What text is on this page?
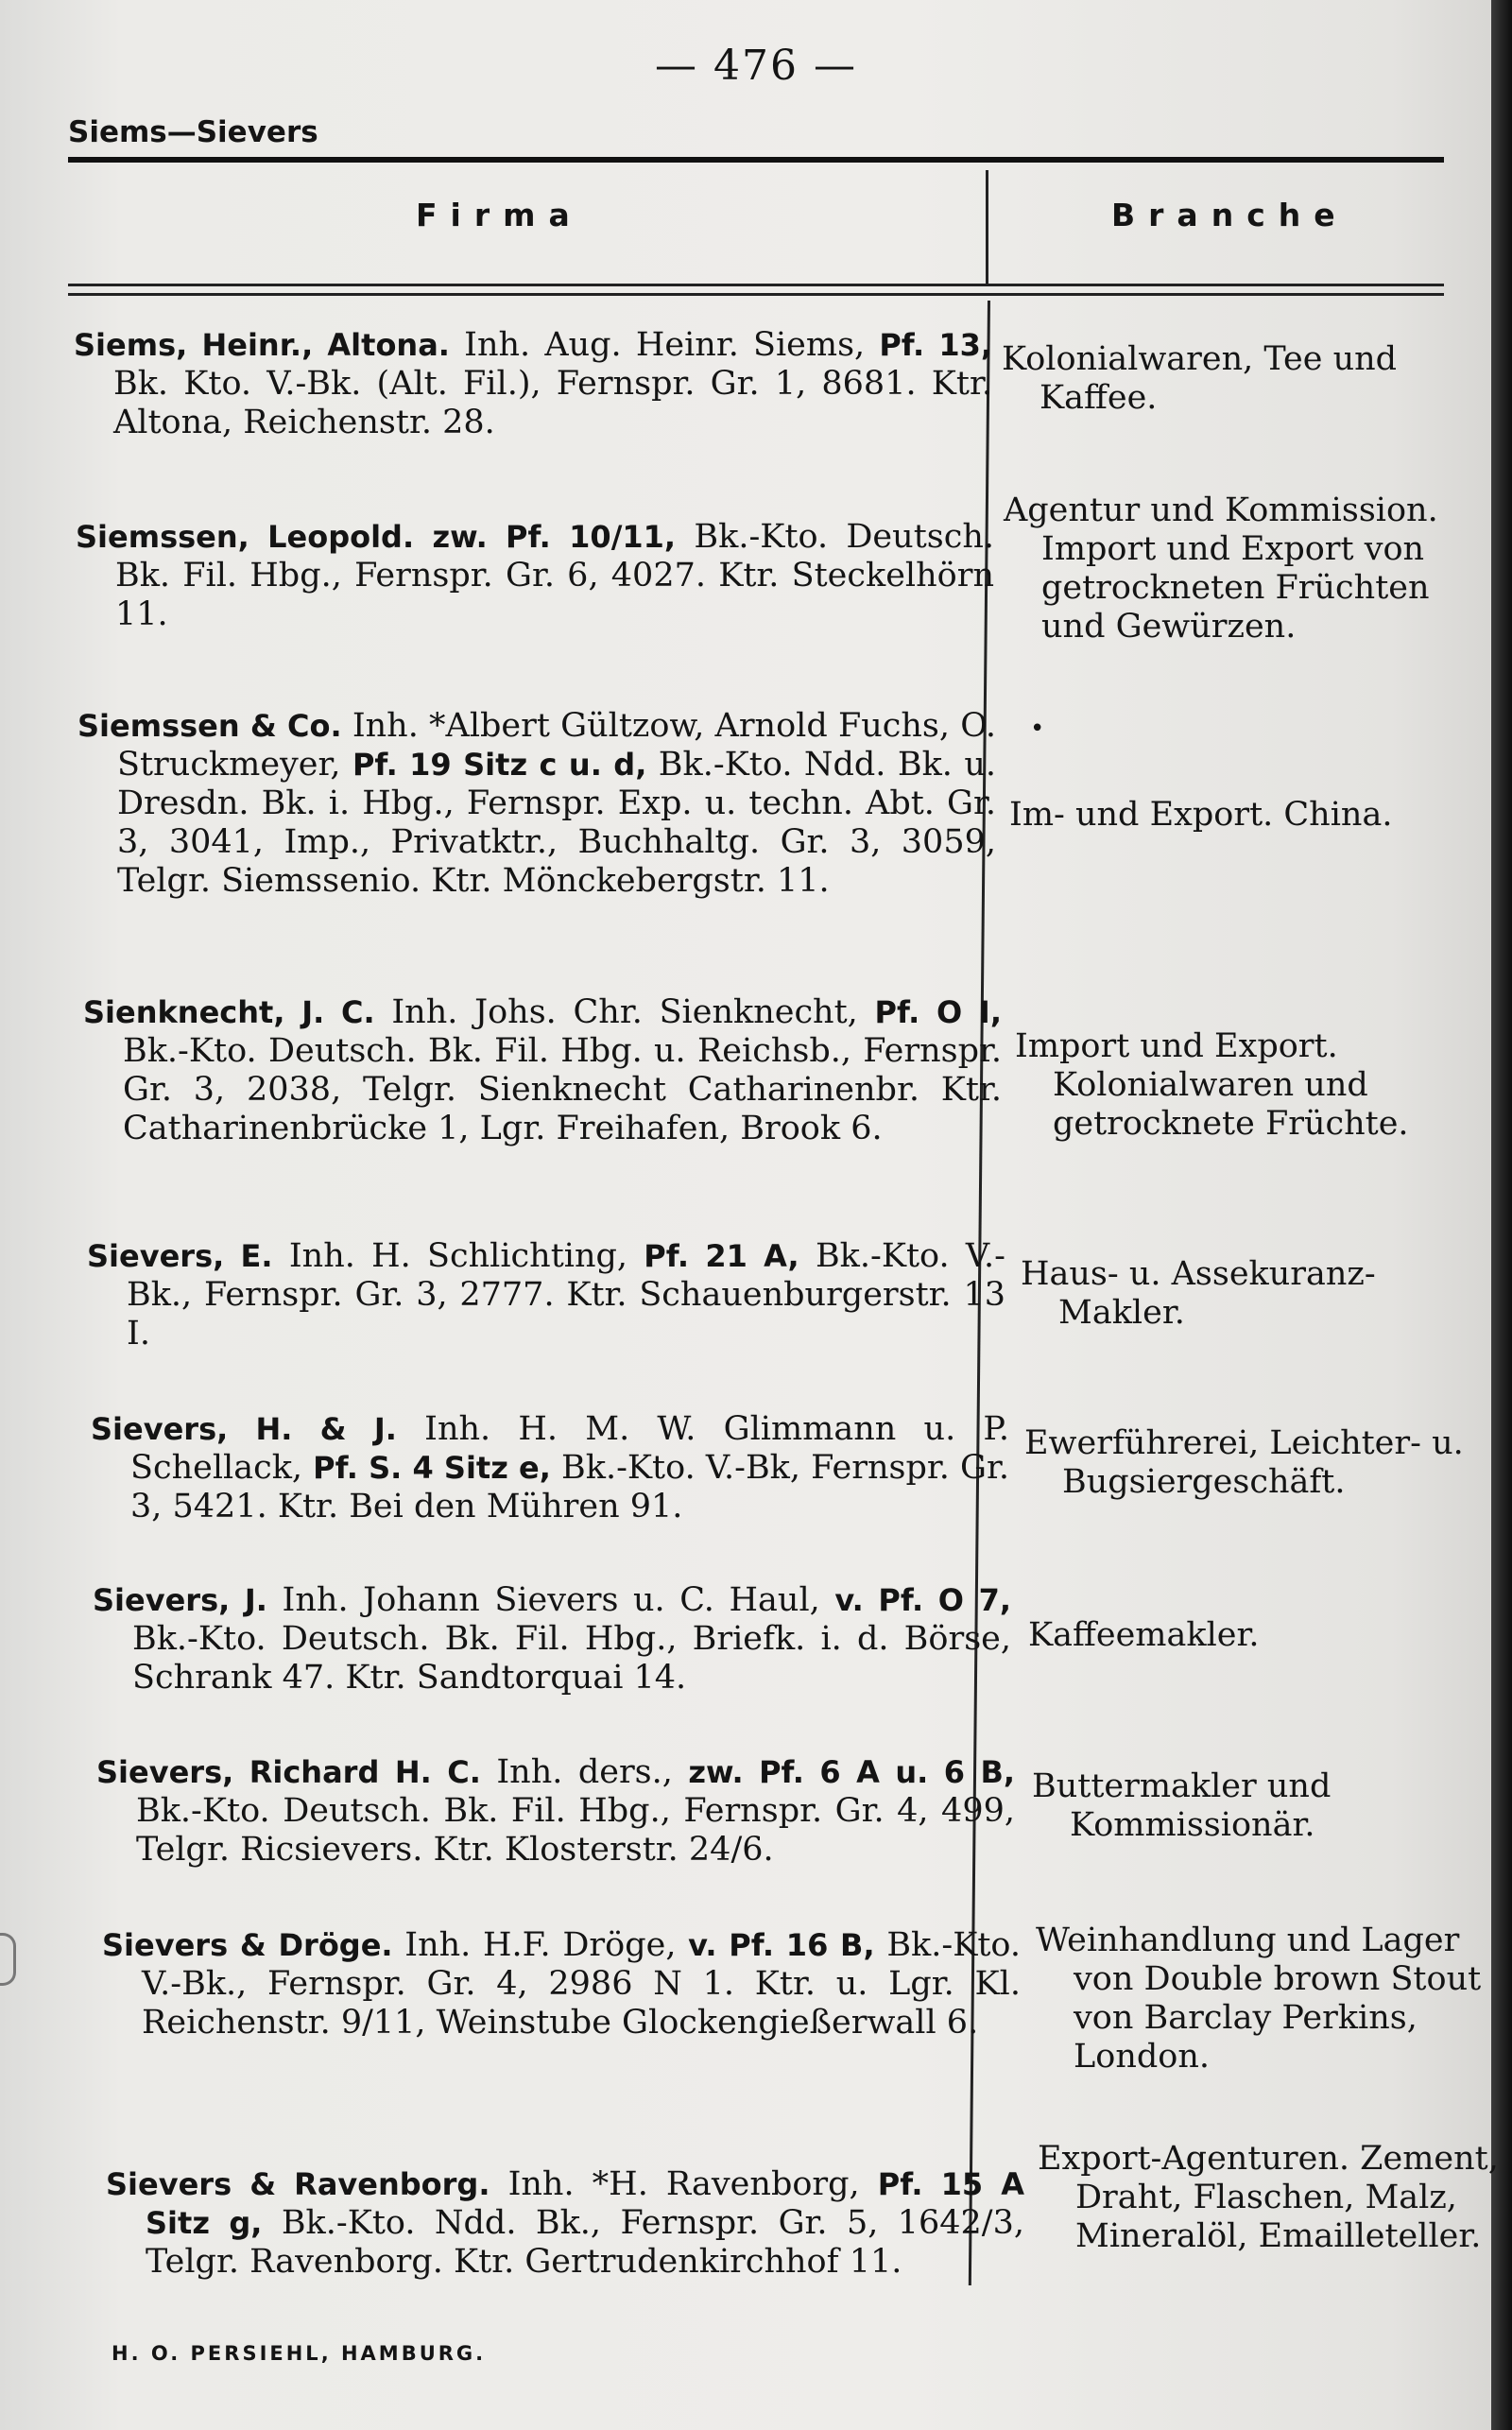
— 476 —
Siems—Sievers
Firma	Branche
Siems, Heinr., Altona. Inh. Aug. Heinr. Siems, Pf. 13, Bk. Kto. V.-Bk. (Alt. Fil.), Fernspr. Gr. 1, 8681. Ktr. Altona, Reichenstr. 28.
Kolonialwaren, Tee und Kaffee.
Siemssen, Leopold. zw. Pf. 10/11, Bk.-Kto. Deutsch. Bk. Fil. Hbg., Fernspr. Gr. 6, 4027. Ktr. Steckelhörn 11.
Agentur und Kommission. Import und Export von getrockneten Früchten und Gewürzen.
Siemssen & Co. Inh. *Albert Gültzow, Arnold Fuchs, O. Struckmeyer, Pf. 19 Sitz c u. d, Bk.-Kto. Ndd. Bk. u. Dresdn. Bk. i. Hbg., Fernspr. Exp. u. techn. Abt. Gr. 3, 3041, Imp., Privatktr., Buchhaltg. Gr. 3, 3059, Telgr. Siemssenio. Ktr. Mönckebergstr. 11.
Im- und Export. China.
•
Sienknecht, J. C. Inh. Johs. Chr. Sienknecht, Pf. O I, Bk.-Kto. Deutsch. Bk. Fil. Hbg. u. Reichsb., Fernspr. Gr. 3, 2038, Telgr. Sienknecht Catharinenbr. Ktr. Catharinenbrücke 1, Lgr. Freihafen, Brook 6.
Import und Export. Kolonialwaren und getrocknete Früchte.
Sievers, E. Inh. H. Schlichting, Pf. 21 A, Bk.-Kto. V.-Bk., Fernspr. Gr. 3, 2777. Ktr. Schauenburgerstr. 13 I.
Haus- u. Assekuranz-Makler.
Sievers, H. & J. Inh. H. M. W. Glimmann u. P. Schellack, Pf. S. 4 Sitz e, Bk.-Kto. V.-Bk, Fernspr. Gr. 3, 5421. Ktr. Bei den Mühren 91.
Ewerführerei, Leichter- u. Bugsiergeschäft.
Sievers, J. Inh. Johann Sievers u. C. Haul, v. Pf. O 7, Bk.-Kto. Deutsch. Bk. Fil. Hbg., Briefk. i. d. Börse, Schrank 47. Ktr. Sandtorquai 14.
Kaffeemakler.
Sievers, Richard H. C. Inh. ders., zw. Pf. 6 A u. 6 B, Bk.-Kto. Deutsch. Bk. Fil. Hbg., Fernspr. Gr. 4, 499, Telgr. Ricsievers. Ktr. Klosterstr. 24/6.
Buttermakler und Kommissionär.
Sievers & Dröge. Inh. H.F. Dröge, v. Pf. 16 B, Bk.-Kto. V.-Bk., Fernspr. Gr. 4, 2986 N 1. Ktr. u. Lgr. Kl. Reichenstr. 9/11, Weinstube Glockengießerwall 6.
Weinhandlung und Lager von Double brown Stout von Barclay Perkins, London.
Sievers & Ravenborg. Inh. *H. Ravenborg, Pf. 15 A Sitz g, Bk.-Kto. Ndd. Bk., Fernspr. Gr. 5, 1642/3, Telgr. Ravenborg. Ktr. Gertrudenkirchhof 11.
Export-Agenturen. Zement, Draht, Flaschen, Malz, Mineralöl, Emailleteller.
H. O. PERSIEHL, HAMBURG.
